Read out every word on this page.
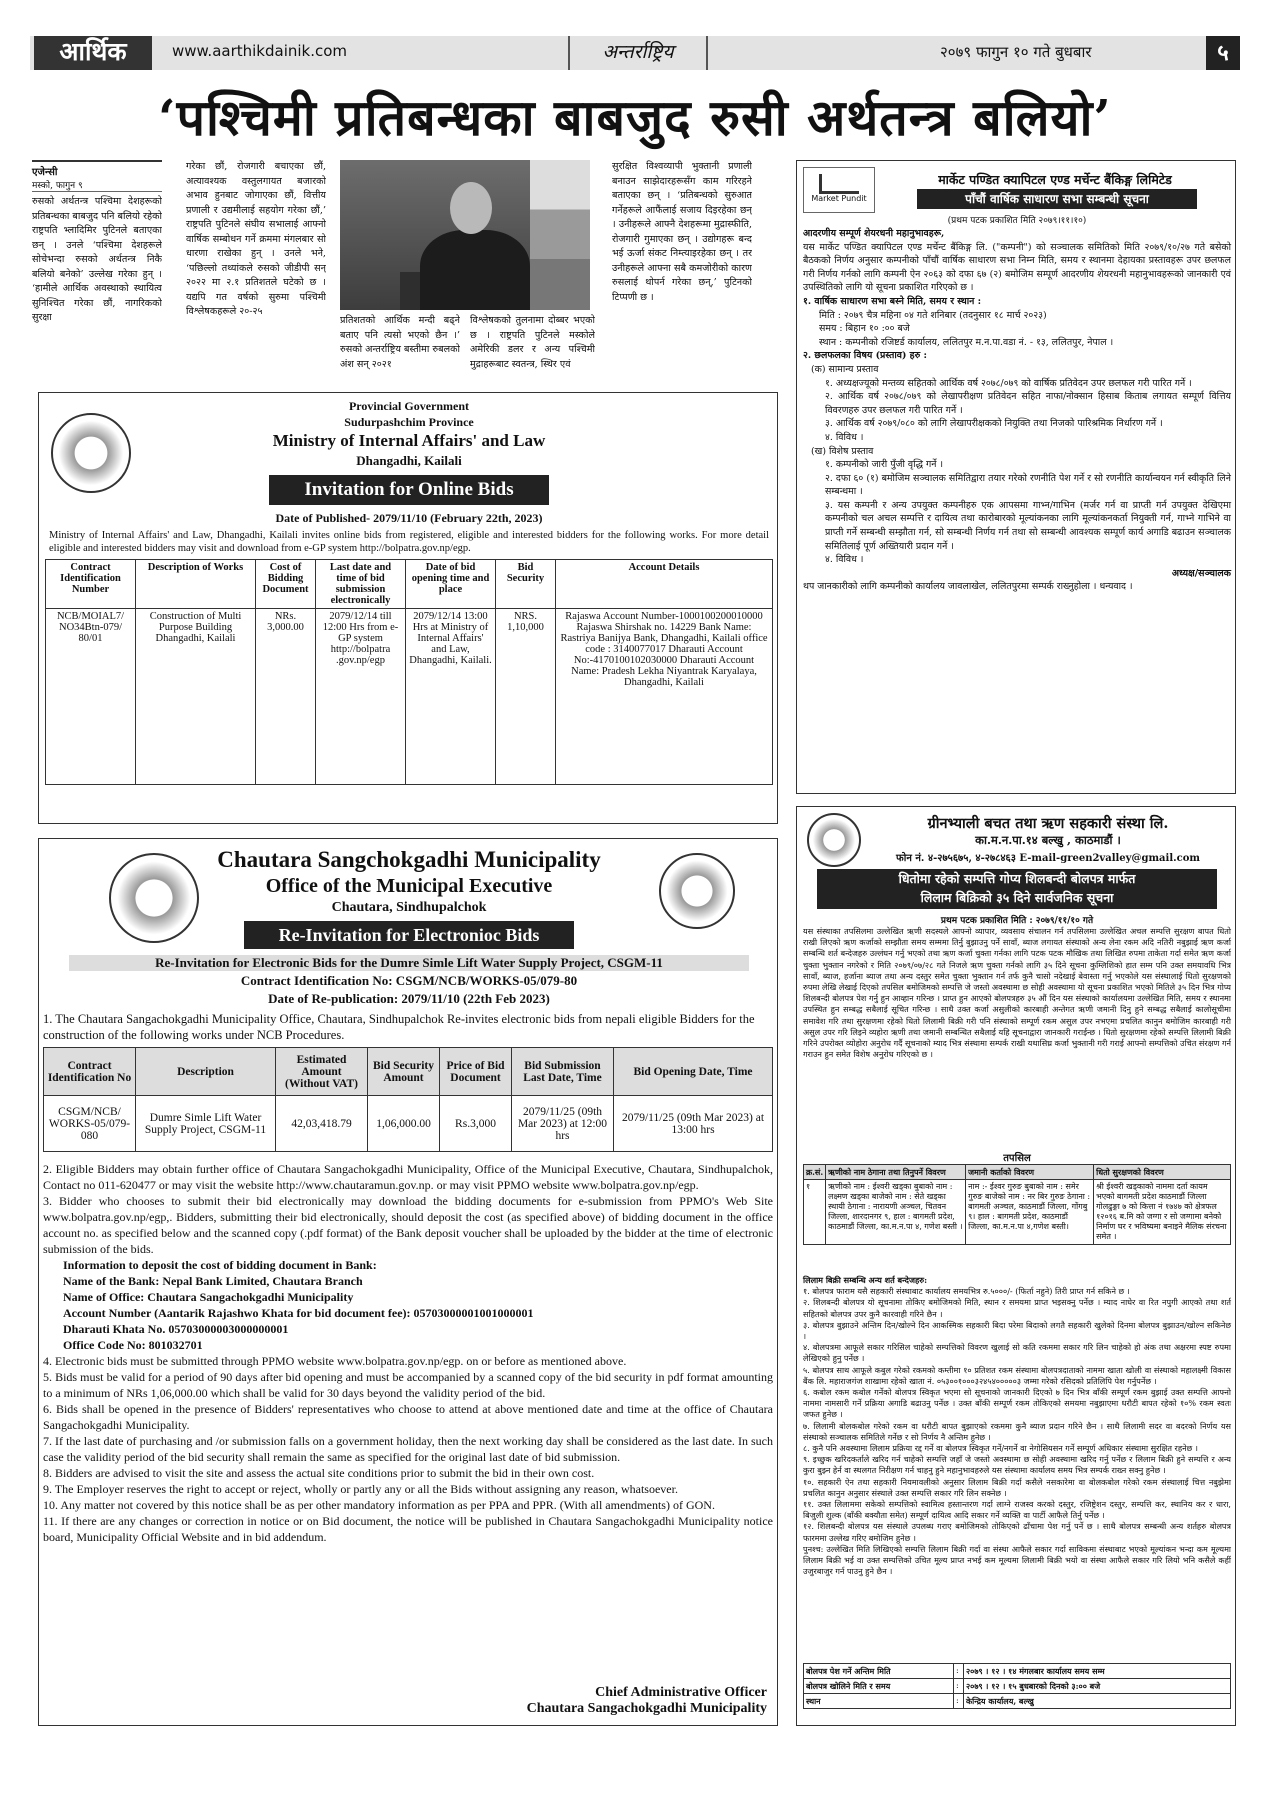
आर्थिक	www.aarthikdainik.com	अन्तर्राष्ट्रिय	२०७९ फागुन १० गते बुधबार	५
‘पश्चिमी प्रतिबन्धका बाबजुद रुसी अर्थतन्त्र बलियो’
एजेन्सी
मस्को, फागुन ९
रुसको अर्थतन्त्र पश्चिमा देशहरूको प्रतिबन्धका बाबजुद पनि बलियो रहेको राष्ट्रपति भ्लादिमिर पुटिनले बताएका छन् । उनले ‘पश्चिमा देशहरूले सोचेभन्दा रुसको अर्थतन्त्र निकै बलियो बनेको’ उल्लेख गरेका हुन् । ‘हामीले आर्थिक अवस्थाको स्थायित्व सुनिश्चित गरेका छौं, नागरिकको सुरक्षा
गरेका छौं, रोजगारी बचाएका छौं, अत्यावश्यक वस्तुलगायत बजारको अभाव हुनबाट जोगाएका छौं, वित्तीय प्रणाली र उद्यमीलाई सहयोग गरेका छौं,’ राष्ट्रपति पुटिनले संघीय सभालाई आफ्नो वार्षिक सम्बोधन गर्ने क्रममा मंगलबार सो धारणा राखेका हुन् । उनले भने, ‘पछिल्लो तथ्यांकले रुसको जीडीपी सन् २०२२ मा २.१ प्रतिशतले घटेको छ । यद्यपि गत वर्षको सुरुमा पश्चिमी विश्लेषकहरूले २०-२५
प्रतिशतको आर्थिक मन्दी बढ्ने बताए पनि त्यसो भएको छैन ।’ रुसको अन्तर्राष्ट्रिय बस्तीमा रुबलको अंश सन् २०२१
विश्लेषकको तुलनामा दोब्बर भएको छ । राष्ट्रपति पुटिनले मस्कोले अमेरिकी डलर र अन्य पश्चिमी मुद्राहरूबाट स्वतन्त्र, स्थिर एवं
सुरक्षित विश्वव्यापी भुक्तानी प्रणाली बनाउन साझेदारहरूसँग काम गरिरहने बताएका छन् । ‘प्रतिबन्धको सुरुआत गर्नेहरूले आफैंलाई सजाय दिइरहेका छन् । उनीहरूले आफ्नै देशहरूमा मुद्रास्फीति, रोजगारी गुमाएका छन् । उद्योगहरू बन्द भई ऊर्जा संकट निम्त्याइरहेका छन् । तर उनीहरूले आफ्ना सबै कमजोरीको कारण रुसलाई थोपर्न गरेका छन्,’ पुटिनको टिप्पणी छ ।
Provincial Government
Sudurpashchim Province
Ministry of Internal Affairs' and Law
Dhangadhi, Kailali
Invitation for Online Bids
Date of Published- 2079/11/10 (February 22th, 2023)
Ministry of Internal Affairs' and Law, Dhangadhi, Kailali invites online bids from registered, eligible and interested bidders for the following works. For more detail eligible and interested bidders may visit and download from e-GP system http://bolpatra.gov.np/egp.
Contract Identification Number	Description of Works	Cost of Bidding Document	Last date and time of bid submission electronically	Date of bid opening time and place	Bid Security	Account Details
NCB/MOIAL7/ NO34Btn-079/ 80/01	Construction of Multi Purpose Building Dhangadhi, Kailali	NRs. 3,000.00	2079/12/14 till 12:00 Hrs from e-GP system http://bolpatra .gov.np/egp	2079/12/14 13:00 Hrs at Ministry of Internal Affairs' and Law, Dhangadhi, Kailali.	NRS. 1,10,000	Rajaswa Account Number-1000100200010000 Rajaswa Shirshak no. 14229 Bank Name: Rastriya Banijya Bank, Dhangadhi, Kailali office code : 3140077017 Dharauti Account No:-4170100102030000 Dharauti Account Name: Pradesh Lekha Niyantrak Karyalaya, Dhangadhi, Kailali
Chautara Sangchokgadhi Municipality
Office of the Municipal Executive
Chautara, Sindhupalchok
Re-Invitation for Electronioc Bids
Re-Invitation for Electronic Bids for the Dumre Simle Lift Water Supply Project, CSGM-11
Contract Identification No: CSGM/NCB/WORKS-05/079-80
Date of Re-publication: 2079/11/10 (22th Feb 2023)
1. The Chautara Sangachokgadhi Municipality Office, Chautara, Sindhupalchok Re-invites electronic bids from nepali eligible Bidders for the construction of the following works under NCB Procedures.
Contract Identification No	Description	Estimated Amount (Without VAT)	Bid Security Amount	Price of Bid Document	Bid Submission Last Date, Time	Bid Opening Date, Time
CSGM/NCB/ WORKS-05/079-080	Dumre Simle Lift Water Supply Project, CSGM-11	42,03,418.79	1,06,000.00	Rs.3,000	2079/11/25 (09th Mar 2023) at 12:00 hrs	2079/11/25 (09th Mar 2023) at 13:00 hrs
2. Eligible Bidders may obtain further office of Chautara Sangachokgadhi Municipality, Office of the Municipal Executive, Chautara, Sindhupalchok, Contact no 011-620477 or may visit the website http://www.chautaramun.gov.np. or may visit PPMO website www.bolpatra.gov.np/egp.
3. Bidder who chooses to submit their bid electronically may download the bidding documents for e-submission from PPMO's Web Site www.bolpatra.gov.np/egp,. Bidders, submitting their bid electronically, should deposit the cost (as specified above) of bidding document in the office account no. as specified below and the scanned copy (.pdf format) of the Bank deposit voucher shall be uploaded by the bidder at the time of electronic submission of the bids.
Information to deposit the cost of bidding document in Bank:
Name of the Bank: Nepal Bank Limited, Chautara Branch
Name of Office: Chautara Sangachokgadhi Municipality
Account Number (Aantarik Rajashwo Khata for bid document fee): 05703000001001000001
Dharauti Khata No. 05703000003000000001
Office Code No: 801032701
4. Electronic bids must be submitted through PPMO website www.bolpatra.gov.np/egp. on or before as mentioned above.
5. Bids must be valid for a period of 90 days after bid opening and must be accompanied by a scanned copy of the bid security in pdf format amounting to a minimum of NRs 1,06,000.00 which shall be valid for 30 days beyond the validity period of the bid.
6. Bids shall be opened in the presence of Bidders' representatives who choose to attend at above mentioned date and time at the office of Chautara Sangachokgadhi Municipality.
7. If the last date of purchasing and /or submission falls on a government holiday, then the next working day shall be considered as the last date. In such case the validity period of the bid security shall remain the same as specified for the original last date of bid submission.
8. Bidders are advised to visit the site and assess the actual site conditions prior to submit the bid in their own cost.
9. The Employer reserves the right to accept or reject, wholly or partly any or all the Bids without assigning any reason, whatsoever.
10. Any matter not covered by this notice shall be as per other mandatory information as per PPA and PPR. (With all amendments) of GON.
11. If there are any changes or correction in notice or on Bid document, the notice will be published in Chautara Sangachokgadhi Municipality notice board, Municipality Official Website and in bid addendum.
Chief Administrative Officer
Chautara Sangachokgadhi Municipality
Market Pundit
मार्केट पण्डित क्यापिटल एण्ड मर्चेन्ट बैंकिङ्ग लिमिटेड
पाँचौं वार्षिक साधारण सभा सम्बन्धी सूचना
(प्रथम पटक प्रकाशित मिति २०७९।११।१०)
आदरणीय सम्पूर्ण शेयरधनी महानुभावहरू,
यस मार्केट पण्डित क्यापिटल एण्ड मर्चेन्ट बैंकिङ्ग लि. ("कम्पनी") को सञ्चालक समितिको मिति २०७९/१०/२७ गते बसेको बैठकको निर्णय अनुसार कम्पनीको पाँचौं वार्षिक साधारण सभा निम्न मिति, समय र स्थानमा देहायका प्रस्तावहरू उपर छलफल गरी निर्णय गर्नको लागि कम्पनी ऐन २०६३ को दफा ६७ (२) बमोजिम सम्पूर्ण आदरणीय शेयरधनी महानुभावहरूको जानकारी एवं उपस्थितिको लागि यो सूचना प्रकाशित गरिएको छ ।
१. वार्षिक साधारण सभा बस्ने मिति, समय र स्थान :
मिति : २०७९ चैत्र महिना ०४ गते शनिबार (तदनुसार १८ मार्च २०२३)
समय : बिहान १० :०० बजे
स्थान : कम्पनीको रजिष्टर्ड कार्यालय, ललितपुर म.न.पा.वडा नं. - १३, ललितपुर, नेपाल ।
२. छलफलका विषय (प्रस्ताव) हरु :
(क) सामान्य प्रस्ताव
१. अध्यक्षज्यूको मन्तव्य सहितको आर्थिक वर्ष २०७८/०७९ को वार्षिक प्रतिवेदन उपर छलफल गरी पारित गर्ने ।
२. आर्थिक वर्ष २०७८/०७९ को लेखापरीक्षण प्रतिवेदन सहित नाफा/नोक्सान हिसाब किताब लगायत सम्पूर्ण वित्तिय विवरणहरु उपर छलफल गरी पारित गर्ने ।
३. आर्थिक वर्ष २०७९/०८० को लागि लेखापरीक्षकको नियुक्ति तथा निजको पारिश्रमिक निर्धारण गर्ने ।
४. विविध ।
(ख) विशेष प्रस्ताव
१. कम्पनीको जारी पुँजी वृद्धि गर्ने ।
२. दफा ६० (१) बमोजिम सञ्चालक समितिद्वारा तयार गरेको रणनीति पेश गर्ने र सो रणनीति कार्यान्वयन गर्न स्वीकृति लिने सम्बन्धमा ।
३. यस कम्पनी र अन्य उपयुक्त कम्पनीहरु एक आपसमा गाभ्न/गाभिन (मर्जर गर्न वा प्राप्ती गर्न उपयुक्त देखिएमा कम्पनीको चल अचल सम्पत्ति र दायित्व तथा कारोबारको मूल्यांकनका लागि मूल्यांकनकर्ता नियुक्ती गर्न, गाभ्ने गाभिने वा प्राप्ती गर्ने सम्बन्धी सम्झौता गर्न, सो सम्बन्धी निर्णय गर्न तथा सो सम्बन्धी आवश्यक सम्पूर्ण कार्य अगाडि बढाउन सञ्चालक समितिलाई पूर्ण अख्तियारी प्रदान गर्ने ।
४. विविध ।
अध्यक्ष/सञ्चालक
थप जानकारीको लागि कम्पनीको कार्यालय जावलाखेल, ललितपुरमा सम्पर्क राख्नुहोला । धन्यवाद ।
ग्रीनभ्याली बचत तथा ऋण सहकारी संस्था लि.
का.म.न.पा.१४ बल्खु , काठमाडौं ।
फोन नं. ४-२७५६७५, ४-२७८४६३ E-mail-green2valley@gmail.com
धितोमा रहेको सम्पत्ति गोप्य शिलबन्दी बोलपत्र मार्फत
लिलाम बिक्रिको ३५ दिने सार्वजनिक सूचना
प्रथम पटक प्रकाशित मिति : २०७९/११/१० गते
यस संस्थाका तपसिलमा उल्लेखित ऋणी सदस्यले आफ्नो व्यापार, व्यवसाय संचालन गर्न तपसिलमा उल्लेखित अचल सम्पत्ति सुरक्षण बापत धितो राखी लिएको ऋण कर्जाको सम्झौता समय सम्ममा तिर्नु बुझाउनु पर्ने सावाँ, ब्याज लगायत संस्थाको अन्य लेना रकम अदि नतिरी नबुझाई ऋण कर्जा सम्बन्धि शर्त बन्देजहरु उल्लंघन गर्नु भएको तथा ऋण कर्जा चुक्ता गर्नका लागि पटक पटक मौखिक तथा लिखित रुपमा ताकेता गर्दा समेत ऋण कर्जा चुक्ता भुक्तान नगरेको र मिति २०७९/०७/२८ गते निजले ऋण चुक्ता गर्नको लागि ३५ दिने सूचना कुम्लिशिको हात सम्म पनि उक्त समयावधि भित्र सावाँ, ब्याज, हर्जाना ब्याज तथा अन्य दस्तुर समेत चुक्ता भुक्तान गर्न तर्फ कुनै चासो नदेखाई बेवास्ता गर्नु भएकोले यस संस्थालाई धितो सुरक्षणको रुपमा लेखि लेखाई दिएको तपसिल बमोजिमको सम्पत्ति जे जस्तो अवस्थामा छ सोही अवस्थामा यो सूचना प्रकाशित भएको मितिले ३५ दिन भित्र गोप्य शिलबन्दी बोलपत्र पेश गर्नु हुन आव्हान गरिन्छ । प्राप्त हुन आएको बोलपत्रहरु ३५ औं दिन यस संस्थाको कार्यालयमा उल्लेखित मिति, समय र स्थानमा उपस्थित हुन सम्बद्ध सबैलाई सूचित गरिन्छ । साथै उक्त कर्जा असुलीको कारबाही अन्तेगत ऋणी जमानी दिनु हुने सम्बद्ध सबैलाई कालोसूचीमा समावेश गरि तथा सुरक्षणमा रहेको धितो लिलामी बिक्री गरी पनि संस्थाको सम्पूर्ण रकम असुल उपर नभएमा प्रचलित कानुन बमोजिम कारबाही गरी असुल उपर गरि लिइने व्यहोरा ऋणी तथा जमानी सम्बन्धित सबैलाई यहि सूचनाद्वारा जानकारी गराईन्छ । धितो सुरक्षणमा रहेको सम्पत्ति लिलामी बिक्री गरिने उपरोक्त व्योहोरा अनुरोध गर्दै सूचनाको म्याद भित्र संस्थामा सम्पर्क राखी यथासिघ्र कर्जा भुक्तानी गरी गराई आफ्नो सम्पत्तिको उचित संरक्षण गर्न गराउन हुन समेत विशेष अनुरोध गरिएको छ ।
तपसिल
क्र.सं.	ऋणीको नाम ठेगाना तथा तिनुपर्ने विवरण	जमानी कर्ताको विवरण	धितो सुरक्षणको विवरण
१	ऋणीको नाम : ईश्वरी खड्का बुबाको नाम : लक्ष्मण खड्का बाजेको नाम : सेते खड्का स्थायी ठेगाना : नारायणी अञ्चल, चितवन जिल्ला, शारदानगर ९, हाल : बागमती प्रदेश, काठमाडौं जिल्ला, का.म.न.पा ४, गणेश बस्ती ।	नाम :- ईश्वर गुरुङ बुबाको नाम : समेर गुरुङ बाजेको नाम : नर बिर गुरुङ ठेगाना : बागमती अञ्चल, काठमाडौं जिल्ला, गोंगबु ९। हाल : बागमती प्रदेश, काठमाडौं जिल्ला, का.म.न.पा ४,गणेश बस्ती।	श्री ईश्वरी खड्काको नाममा दर्ता कायम भएको बागमती प्रदेश काठमाडौं जिल्ला गोलढुङ्गा ७ को कित्ता नं १७४७ को क्षेत्रफल १२०१६ ब.मि को जग्गा र सो जग्गामा बनेको निर्माण घर र भविष्यमा बनाइने मैलिक संरचना समेत ।
लिलाम बिक्री सम्बन्धि अन्य शर्त बन्देजहरु:
१. बोलपत्र फाराम यसै सहकारी संस्थाबाट कार्यालय समयभित्र रु.५०००/- (फिर्ता नहुने) तिरी प्राप्त गर्न सकिने छ ।
२. शिलबन्दी बोलपत्र यो सूचनामा तोकिए बमोजिमको मिति, स्थान र समयमा प्राप्त भइसक्नु पर्नेछ । म्याद नाघेर वा रित नपुगी आएको तथा शर्त सहितको बोलपत्र उपर कुनै कारवाही गरिने छैन ।
३. बोलपत्र बुझाउने अन्तिम दिन/खोल्ने दिन आकस्मिक सहकारी बिदा परेमा बिदाको लगतै सहकारी खुलेको दिनमा बोलपत्र बुझाउन/खोल्न सकिनेछ ।
४. बोलपत्रमा आफूले सकार गरिसिल चाहेको सम्पत्तिको विवरण खुलाई सो कति रकममा सकार गरि लिन चाहेको हो अंक तथा अक्षरमा स्पष्ट रुपमा लेखिएको हुनु पर्नेछ ।
५. बोलपत्र साथ आफूले कबुल गरेको रकमको कम्तीमा १० प्रतिशत रकम संस्थामा बोलपत्रदाताको नाममा खाता खोली वा संस्थाको महालक्ष्मी विकास बैंक लि. महाराजगंज शाखामा रहेको खाता नं. ०५३००१०००३२४५४०००००३ जम्मा गरेको रसिदको प्रतिलिपि पेश गर्नुपर्नेछ ।
६. कबोल रकम कबोल गर्नेको बोलपत्र स्विकृत भएमा सो सूचनाको जानकारी दिएको ७ दिन भित्र बाँकी सम्पूर्ण रकम बुझाई उक्त सम्पत्ति आफ्नो नाममा नामसारी गर्ने प्रक्रिया अगाडि बढाउनु पर्नेछ । उक्त बाँकी सम्पूर्ण रकम तोकिएको समयमा नबुझाएमा धरौटी बापत रहेको १०% रकम स्वतः जफत हुनेछ ।
७. लिलामी बोलकबोल गरेको रकम वा धरौटी बापत बुझाएको रकममा कुनै ब्याज प्रदान गरिने छैन । साथै लिलामी सदर वा बदरको निर्णय यस संस्थाको सञ्चालक समितिले गर्नेछ र सो निर्णय नै अन्तिम हुनेछ ।
८. कुनै पनि अवस्थामा लिलाम प्रक्रिया रद्द गर्ने वा बोलपत्र स्विकृत गर्ने/नगर्ने वा नेगोसियसन गर्ने सम्पूर्ण अधिकार संस्थामा सुरक्षित रहनेछ ।
९. इच्छुक खरिदकर्ताले खरिद गर्न चाहेको सम्पत्ति जहाँ जे जस्तो अवस्थामा छ सोही अवस्थामा खरिद गर्नु पर्नेछ र लिलाम बिक्री हुने सम्पत्ति र अन्य कुरा बुझ्न हेर्न वा स्थलगत निरीक्षण गर्न चाहनु हुने महानुभावहरुले यस संस्थामा कार्यालय समय भित्र सम्पर्क राख्न सक्नु हुनेछ ।
१०. सहकारी ऐन तथा सहकारी नियमावलीको अनुसार लिलाम बिक्री गर्दा कसैले नसकारेमा वा बोलकबोल गरेको रकम संस्थालाई चित्त नबुझेमा प्रचलित कानुन अनुसार संस्थाले उक्त सम्पत्ति सकार गरि लिन सक्नेछ ।
११. उक्त लिलाममा सकेको सम्पत्तिको स्वामित्व हस्तान्तरण गर्दा लाग्ने राजस्व करको दस्तुर, रजिष्ट्रेशन दस्तुर, सम्पत्ति कर, स्थानिय कर र धारा, बिजुली शुल्क (बाँकी बक्यौता समेत) सम्पूर्ण दायित्व आदि सकार गर्ने व्यक्ति वा पार्टी आफैले तिर्नु पर्नेछ ।
१२. शिलबन्दी बोलपत्र यस संस्थाले उपलब्ध गराए बमोजिमको तोकिएको ढाँचामा पेश गर्नु पर्ने छ । साथै बोलपत्र सम्बन्धी अन्य शर्तहरु बोलपत्र फारममा उल्लेख गरिए बमोजिम हुनेछ ।
पुनश्च: उल्लेखित मिति लिखिएको सम्पत्ति लिलाम बिक्री गर्दा वा संस्था आफैले सकार गर्दा साविकमा संस्थाबाट भएको मूल्यांकन भन्दा कम मूल्यमा लिलाम बिक्री भई वा उक्त सम्पत्तिको उचित मूल्य प्राप्त नभई कम मूल्यमा लिलामी बिक्री भयो वा संस्था आफैले सकार गरि लियो भनि कसैले कहीं उजुरबाजुर गर्न पाउनु हुने छैन ।
बोलपत्र पेश गर्ने अन्तिम मिति	:	२०७९ । १२ । १४ मंगलबार कार्यालय समय सम्म
बोलपत्र खोलिने मिति र समय	:	२०७९ । १२ । १५ बुधबारको दिनको ३:०० बजे
स्थान	:	केन्द्रिय कार्यालय, बल्खु
